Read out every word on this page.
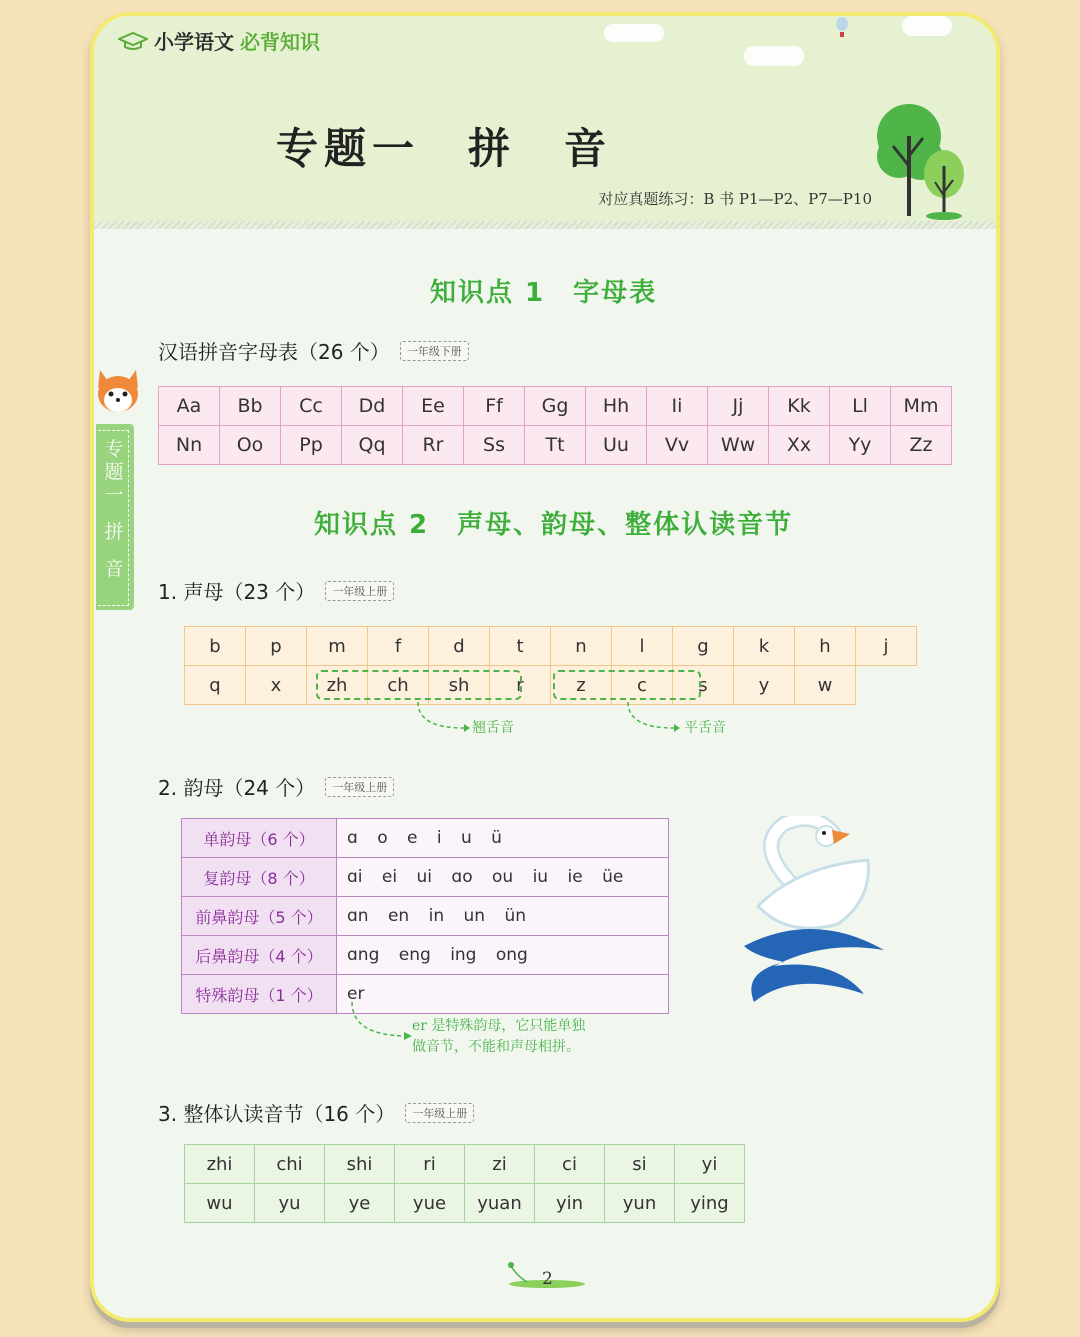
小学语文 必背知识
专题一　拼　音
对应真题练习：B 书 P1—P2、P7—P10
专
题
一
拼
音
知识点 1　字母表
汉语拼音字母表（26 个）	一年级下册
Aa	Bb	Cc	Dd	Ee	Ff	Gg	Hh	Ii	Jj	Kk	Ll	Mm
Nn	Oo	Pp	Qq	Rr	Ss	Tt	Uu	Vv	Ww	Xx	Yy	Zz
知识点 2　声母、韵母、整体认读音节
1. 声母（23 个）	一年级上册
b	p	m	f	d	t	n	l	g	k	h	j
q	x	zh	ch	sh	r	z	c	s	y	w	
翘舌音	平舌音
2. 韵母（24 个）	一年级上册
单韵母（6 个）	ɑ o e i u ü
复韵母（8 个）	ɑi ei ui ɑo ou iu ie üe
前鼻韵母（5 个）	ɑn en in un ün
后鼻韵母（4 个）	ɑng eng ing ong
特殊韵母（1 个）	er
er 是特殊韵母，它只能单独
做音节，不能和声母相拼。
3. 整体认读音节（16 个）	一年级上册
zhi	chi	shi	ri	zi	ci	si	yi
wu	yu	ye	yue	yuan	yin	yun	ying
2
